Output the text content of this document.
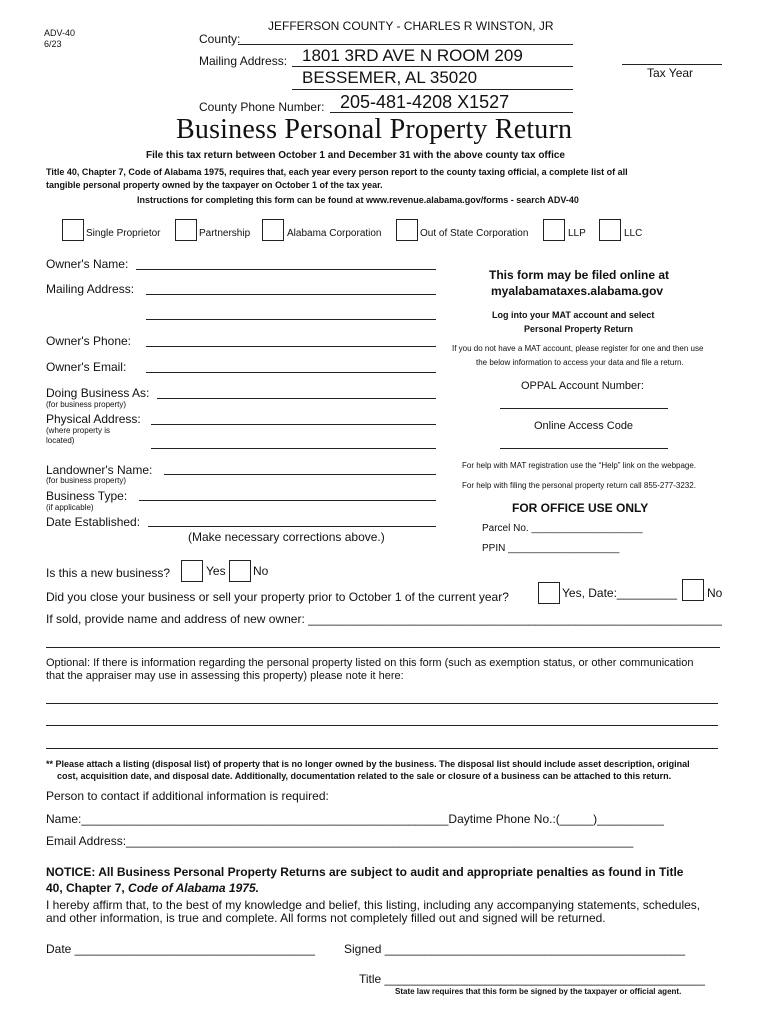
ADV-40
6/23	County:
JEFFERSON COUNTY - CHARLES R WINSTON, JR
Mailing Address: 1801 3RD AVE N ROOM 209
BESSEMER, AL 35020	Tax Year
County Phone Number: 205-481-4208 X1527
Business Personal Property Return
File this tax return between October 1 and December 31 with the above county tax office
Title 40, Chapter 7, Code of Alabama 1975, requires that, each year every person report to the county taxing official, a complete list of all
tangible personal property owned by the taxpayer on October 1 of the tax year.
Instructions for completing this form can be found at www.revenue.alabama.gov/forms - search ADV-40
Single Proprietor	Partnership	Alabama Corporation	Out of State Corporation	LLP	LLC
Owner's Name:
Mailing Address:
Owner's Phone:
Owner's Email:
Doing Business As:
(for business property)
Physical Address:
(where property is
located)
Landowner's Name:
(for business property)
Business Type:
(if applicable)
Date Established:
(Make necessary corrections above.)
This form may be filed online at
myalabamataxes.alabama.gov
Log into your MAT account and select
Personal Property Return
If you do not have a MAT account, please register for one and then use
the below information to access your data and file a return.
OPPAL Account Number:
Online Access Code
For help with MAT registration use the “Help” link on the webpage.
For help with filing the personal property return call 855-277-3232.
FOR OFFICE USE ONLY
Parcel No. ____________________
PPIN ____________________
Is this a new business?	Yes No
Did you close your business or sell your property prior to October 1 of the current year?	Yes, Date:_________	No
If sold, provide name and address of new owner: ______________________________________________________________
Optional: If there is information regarding the personal property listed on this form (such as exemption status, or other communication
that the appraiser may use in assessing this property) please note it here:
** Please attach a listing (disposal list) of property that is no longer owned by the business. The disposal list should include asset description, original
cost, acquisition date, and disposal date. Additionally, documentation related to the sale or closure of a business can be attached to this return.
Person to contact if additional information is required:
Name:_______________________________________________________Daytime Phone No.:(_____)__________
Email Address:____________________________________________________________________________
NOTICE: All Business Personal Property Returns are subject to audit and appropriate penalties as found in Title
40, Chapter 7, Code of Alabama 1975.
I hereby affirm that, to the best of my knowledge and belief, this listing, including any accompanying statements, schedules,
and other information, is true and complete. All forms not completely filled out and signed will be returned.
Date ____________________________________ Signed _____________________________________________
Title ________________________________________________
State law requires that this form be signed by the taxpayer or official agent.
